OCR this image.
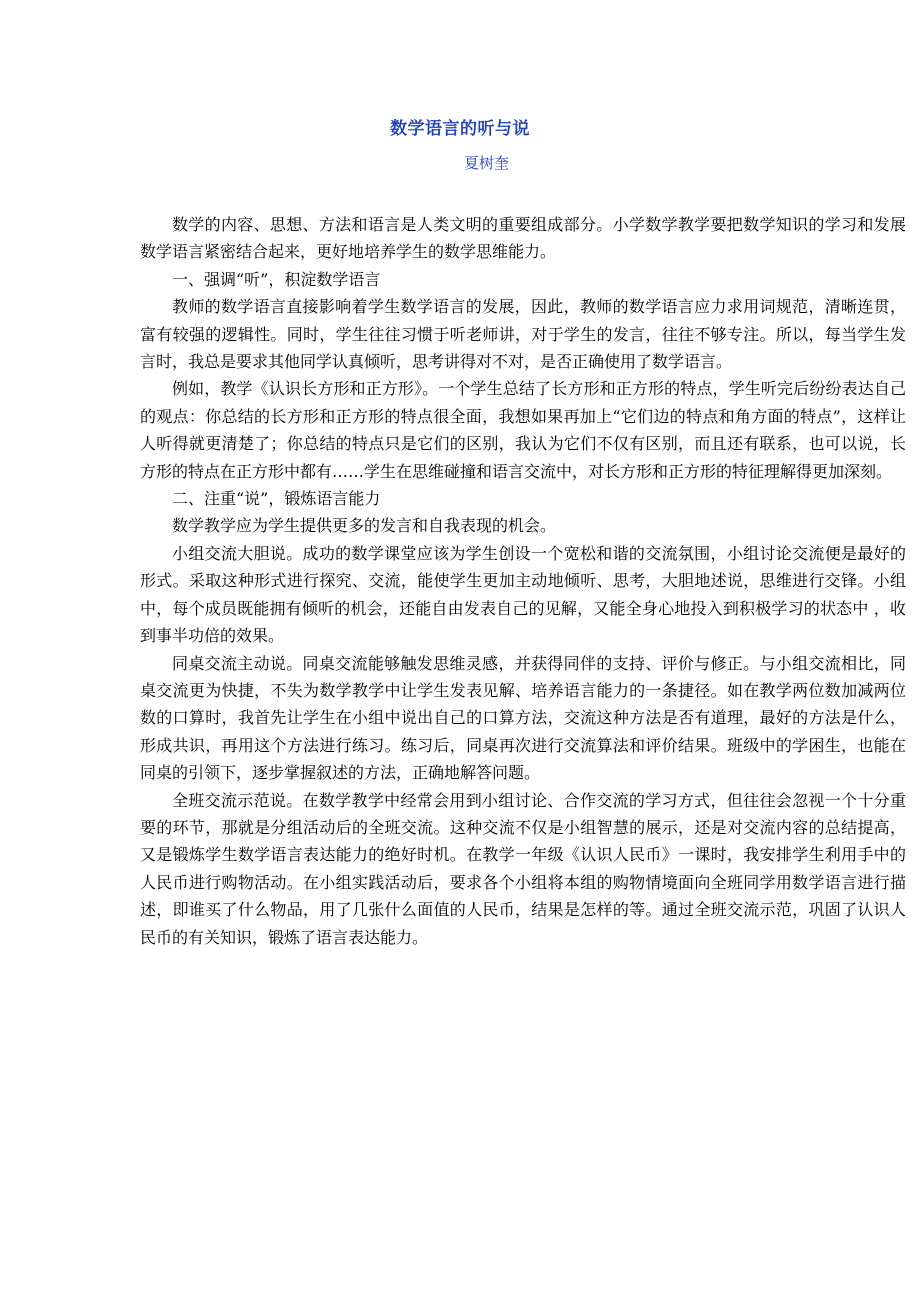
数学语言的听与说
夏树奎

数学的内容、思想、方法和语言是人类文明的重要组成部分。小学数学教学要把数学知识的学习和发展数学语言紧密结合起来，更好地培养学生的数学思维能力。

一、强调“听”，积淀数学语言

教师的数学语言直接影响着学生数学语言的发展，因此，教师的数学语言应力求用词规范，清晰连贯，富有较强的逻辑性。同时，学生往往习惯于听老师讲，对于学生的发言，往往不够专注。所以，每当学生发言时，我总是要求其他同学认真倾听，思考讲得对不对，是否正确使用了数学语言。

例如，教学《认识长方形和正方形》。一个学生总结了长方形和正方形的特点，学生听完后纷纷表达自己的观点：你总结的长方形和正方形的特点很全面，我想如果再加上“它们边的特点和角方面的特点”，这样让人听得就更清楚了；你总结的特点只是它们的区别，我认为它们不仅有区别，而且还有联系，也可以说，长方形的特点在正方形中都有……学生在思维碰撞和语言交流中，对长方形和正方形的特征理解得更加深刻。

二、注重“说”，锻炼语言能力

数学教学应为学生提供更多的发言和自我表现的机会。

小组交流大胆说。成功的数学课堂应该为学生创设一个宽松和谐的交流氛围，小组讨论交流便是最好的形式。采取这种形式进行探究、交流，能使学生更加主动地倾听、思考，大胆地述说，思维进行交锋。小组中，每个成员既能拥有倾听的机会，还能自由发表自己的见解，又能全身心地投入到积极学习的状态中 ，收到事半功倍的效果。

同桌交流主动说。同桌交流能够触发思维灵感，并获得同伴的支持、评价与修正。与小组交流相比，同桌交流更为快捷，不失为数学教学中让学生发表见解、培养语言能力的一条捷径。如在教学两位数加减两位数的口算时，我首先让学生在小组中说出自己的口算方法，交流这种方法是否有道理，最好的方法是什么，形成共识，再用这个方法进行练习。练习后，同桌再次进行交流算法和评价结果。班级中的学困生，也能在同桌的引领下，逐步掌握叙述的方法，正确地解答问题。

全班交流示范说。在数学教学中经常会用到小组讨论、合作交流的学习方式，但往往会忽视一个十分重要的环节，那就是分组活动后的全班交流。这种交流不仅是小组智慧的展示，还是对交流内容的总结提高，又是锻炼学生数学语言表达能力的绝好时机。在教学一年级《认识人民币》一课时，我安排学生利用手中的人民币进行购物活动。在小组实践活动后，要求各个小组将本组的购物情境面向全班同学用数学语言进行描述，即谁买了什么物品，用了几张什么面值的人民币，结果是怎样的等。通过全班交流示范，巩固了认识人民币的有关知识，锻炼了语言表达能力。
